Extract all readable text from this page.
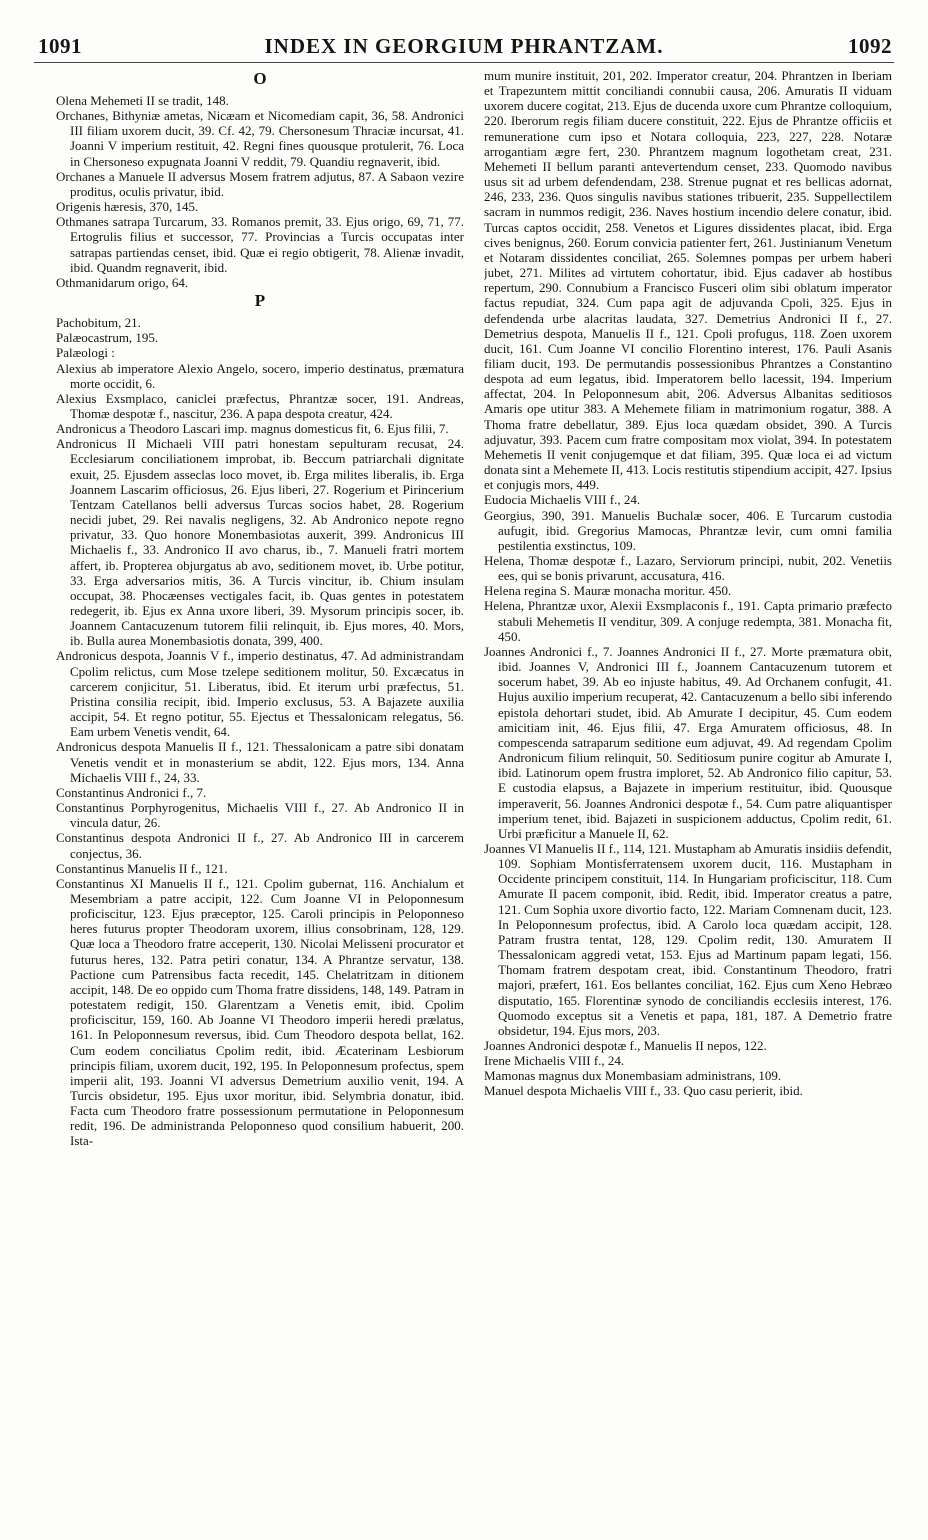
1091	INDEX IN GEORGIUM PHRANTZAM.	1092
O

Olena Mehemeti II se tradit, 148.

Orchanes, Bithyniæ ametas, Nicæam et Nicomediam capit, 36, 58. Andronici III filiam uxorem ducit, 39. Cf. 42, 79. Chersonesum Thraciæ incursat, 41. Joanni V imperium restituit, 42. Regni fines quousque protulerit, 76. Loca in Chersoneso expugnata Joanni V reddit, 79. Quandiu regnaverit, ibid.

Orchanes a Manuele II adversus Mosem fratrem adjutus, 87. A Sabaon vezire proditus, oculis privatur, ibid.

Origenis hæresis, 370, 145.

Othmanes satrapa Turcarum, 33. Romanos premit, 33. Ejus origo, 69, 71, 77. Ertogrulis filius et successor, 77. Provincias a Turcis occupatas inter satrapas partiendas censet, ibid. Quæ ei regio obtigerit, 78. Alienæ invadit, ibid. Quandm regnaverit, ibid.

Othmanidarum origo, 64.

P

Pachobitum, 21.

Palæocastrum, 195.

Palæologi :

Alexius ab imperatore Alexio Angelo, socero, imperio destinatus, præmatura morte occidit, 6.

Alexius Exsmplaco, caniclei præfectus, Phrantzæ socer, 191. Andreas, Thomæ despotæ f., nascitur, 236. A papa despota creatur, 424.

Andronicus a Theodoro Lascari imp. magnus domesticus fit, 6. Ejus filii, 7.

Andronicus II Michaeli VIII patri honestam sepulturam recusat, 24. Ecclesiarum conciliationem improbat, ib. Beccum patriarchali dignitate exuit, 25. Ejusdem asseclas loco movet, ib. Erga milites liberalis, ib. Erga Joannem Lascarim officiosus, 26. Ejus liberi, 27. Rogerium et Pirincerium Tentzam Catellanos belli adversus Turcas socios habet, 28. Rogerium necidi jubet, 29. Rei navalis negligens, 32. Ab Andronico nepote regno privatur, 33. Quo honore Monembasiotas auxerit, 399. Andronicus III Michaelis f., 33. Andronico II avo charus, ib., 7. Manueli fratri mortem affert, ib. Propterea objurgatus ab avo, seditionem movet, ib. Urbe potitur, 33. Erga adversarios mitis, 36. A Turcis vincitur, ib. Chium insulam occupat, 38. Phocæenses vectigales facit, ib. Quas gentes in potestatem redegerit, ib. Ejus ex Anna uxore liberi, 39. Mysorum principis socer, ib. Joannem Cantacuzenum tutorem filii relinquit, ib. Ejus mores, 40. Mors, ib. Bulla aurea Monembasiotis donata, 399, 400.

Andronicus despota, Joannis V f., imperio destinatus, 47. Ad administrandam Cpolim relictus, cum Mose tzelepe seditionem molitur, 50. Excæcatus in carcerem conjicitur, 51. Liberatus, ibid. Et iterum urbi præfectus, 51. Pristina consilia recipit, ibid. Imperio exclusus, 53. A Bajazete auxilia accipit, 54. Et regno potitur, 55. Ejectus et Thessalonicam relegatus, 56. Eam urbem Venetis vendit, 64.

Andronicus despota Manuelis II f., 121. Thessalonicam a patre sibi donatam Venetis vendit et in monasterium se abdit, 122. Ejus mors, 134. Anna Michaelis VIII f., 24, 33.

Constantinus Andronici f., 7.

Constantinus Porphyrogenitus, Michaelis VIII f., 27. Ab Andronico II in vincula datur, 26.

Constantinus despota Andronici II f., 27. Ab Andronico III in carcerem conjectus, 36.

Constantinus Manuelis II f., 121.

Constantinus XI Manuelis II f., 121. Cpolim gubernat, 116. Anchialum et Mesembriam a patre accipit, 122. Cum Joanne VI in Peloponnesum proficiscitur, 123. Ejus præceptor, 125. Caroli principis in Peloponneso heres futurus propter Theodoram uxorem, illius consobrinam, 128, 129. Quæ loca a Theodoro fratre acceperit, 130. Nicolai Melisseni procurator et futurus heres, 132. Patra petiri conatur, 134. A Phrantze servatur, 138. Pactione cum Patrensibus facta recedit, 145. Chelatritzam in ditionem accipit, 148. De eo oppido cum Thoma fratre dissidens, 148, 149. Patram in potestatem redigit, 150. Glarentzam a Venetis emit, ibid. Cpolim proficiscitur, 159, 160. Ab Joanne VI Theodoro imperii heredi prælatus, 161. In Peloponnesum reversus, ibid. Cum Theodoro despota bellat, 162. Cum eodem conciliatus Cpolim redit, ibid. Æcaterinam Lesbiorum principis filiam, uxorem ducit, 192, 195. In Peloponnesum profectus, spem imperii alit, 193. Joanni VI adversus Demetrium auxilio venit, 194. A Turcis obsidetur, 195. Ejus uxor moritur, ibid. Selymbria donatur, ibid. Facta cum Theodoro fratre possessionum permutatione in Peloponnesum redit, 196. De administranda Peloponneso quod consilium habuerit, 200. Ista-

mum munire instituit, 201, 202. Imperator creatur, 204. Phrantzen in Iberiam et Trapezuntem mittit conciliandi connubii causa, 206. Amuratis II viduam uxorem ducere cogitat, 213. Ejus de ducenda uxore cum Phrantze colloquium, 220. Iberorum regis filiam ducere constituit, 222. Ejus de Phrantze officiis et remuneratione cum ipso et Notara colloquia, 223, 227, 228. Notaræ arrogantiam ægre fert, 230. Phrantzem magnum logothetam creat, 231. Mehemeti II bellum paranti antevertendum censet, 233. Quomodo navibus usus sit ad urbem defendendam, 238. Strenue pugnat et res bellicas adornat, 246, 233, 236. Quos singulis navibus stationes tribuerit, 235. Suppellectilem sacram in nummos redigit, 236. Naves hostium incendio delere conatur, ibid. Turcas captos occidit, 258. Venetos et Ligures dissidentes placat, ibid. Erga cives benignus, 260. Eorum convicia patienter fert, 261. Justinianum Venetum et Notaram dissidentes conciliat, 265. Solemnes pompas per urbem haberi jubet, 271. Milites ad virtutem cohortatur, ibid. Ejus cadaver ab hostibus repertum, 290. Connubium a Francisco Fusceri olim sibi oblatum imperator factus repudiat, 324. Cum papa agit de adjuvanda Cpoli, 325. Ejus in defendenda urbe alacritas laudata, 327. Demetrius Andronici II f., 27. Demetrius despota, Manuelis II f., 121. Cpoli profugus, 118. Zoen uxorem ducit, 161. Cum Joanne VI concilio Florentino interest, 176. Pauli Asanis filiam ducit, 193. De permutandis possessionibus Phrantzes a Constantino despota ad eum legatus, ibid. Imperatorem bello lacessit, 194. Imperium affectat, 204. In Peloponnesum abit, 206. Adversus Albanitas seditiosos Amaris ope utitur 383. A Mehemete filiam in matrimonium rogatur, 388. A Thoma fratre debellatur, 389. Ejus loca quædam obsidet, 390. A Turcis adjuvatur, 393. Pacem cum fratre compositam mox violat, 394. In potestatem Mehemetis II venit conjugemque et dat filiam, 395. Quæ loca ei ad victum donata sint a Mehemete II, 413. Locis restitutis stipendium accipit, 427. Ipsius et conjugis mors, 449.

Eudocia Michaelis VIII f., 24.

Georgius, 390, 391. Manuelis Buchalæ socer, 406. E Turcarum custodia aufugit, ibid. Gregorius Mamocas, Phrantzæ levir, cum omni familia pestilentia exstinctus, 109.

Helena, Thomæ despotæ f., Lazaro, Serviorum principi, nubit, 202. Venetiis ees, qui se bonis privarunt, accusatura, 416.

Helena regina S. Mauræ monacha moritur. 450.

Helena, Phrantzæ uxor, Alexii Exsmplaconis f., 191. Capta primario præfecto stabuli Mehemetis II venditur, 309. A conjuge redempta, 381. Monacha fit, 450.

Joannes Andronici f., 7. Joannes Andronici II f., 27. Morte præmatura obit, ibid. Joannes V, Andronici III f., Joannem Cantacuzenum tutorem et socerum habet, 39. Ab eo injuste habitus, 49. Ad Orchanem confugit, 41. Hujus auxilio imperium recuperat, 42. Cantacuzenum a bello sibi inferendo epistola dehortari studet, ibid. Ab Amurate I decipitur, 45. Cum eodem amicitiam init, 46. Ejus filii, 47. Erga Amuratem officiosus, 48. In compescenda satraparum seditione eum adjuvat, 49. Ad regendam Cpolim Andronicum filium relinquit, 50. Seditiosum punire cogitur ab Amurate I, ibid. Latinorum opem frustra imploret, 52. Ab Andronico filio capitur, 53. E custodia elapsus, a Bajazete in imperium restituitur, ibid. Quousque imperaverit, 56. Joannes Andronici despotæ f., 54. Cum patre aliquantisper imperium tenet, ibid. Bajazeti in suspicionem adductus, Cpolim redit, 61. Urbi præficitur a Manuele II, 62.

Joannes VI Manuelis II f., 114, 121. Mustapham ab Amuratis insidiis defendit, 109. Sophiam Montisferratensem uxorem ducit, 116. Mustapham in Occidente principem constituit, 114. In Hungariam proficiscitur, 118. Cum Amurate II pacem componit, ibid. Redit, ibid. Imperator creatus a patre, 121. Cum Sophia uxore divortio facto, 122. Mariam Comnenam ducit, 123. In Peloponnesum profectus, ibid. A Carolo loca quædam accipit, 128. Patram frustra tentat, 128, 129. Cpolim redit, 130. Amuratem II Thessalonicam aggredi vetat, 153. Ejus ad Martinum papam legati, 156. Thomam fratrem despotam creat, ibid. Constantinum Theodoro, fratri majori, præfert, 161. Eos bellantes conciliat, 162. Ejus cum Xeno Hebræo disputatio, 165. Florentinæ synodo de conciliandis ecclesiis interest, 176. Quomodo exceptus sit a Venetis et papa, 181, 187. A Demetrio fratre obsidetur, 194. Ejus mors, 203.

Joannes Andronici despotæ f., Manuelis II nepos, 122.

Irene Michaelis VIII f., 24.

Mamonas magnus dux Monembasiam administrans, 109.

Manuel despota Michaelis VIII f., 33. Quo casu perierit, ibid.
